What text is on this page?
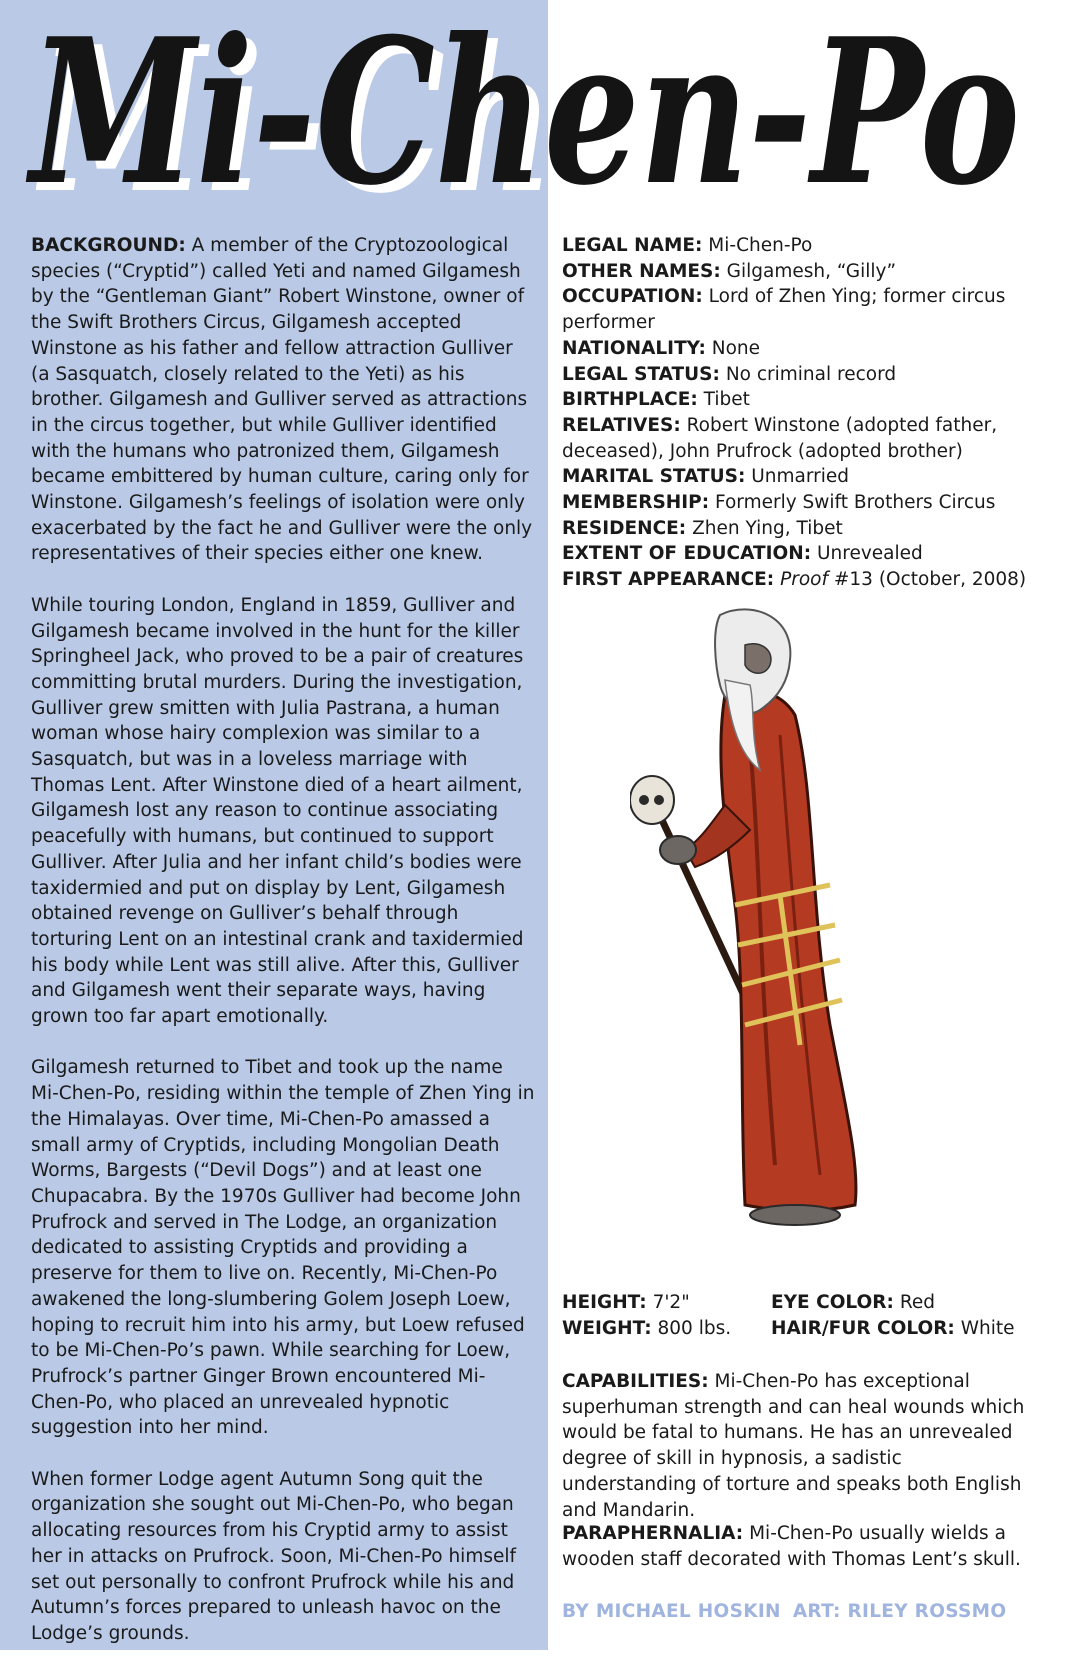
Mi-Chen-Po
Mi-Chen-Po

BACKGROUND: A member of the Cryptozoological species (“Cryptid”) called Yeti and named Gilgamesh by the “Gentleman Giant” Robert Winstone, owner of the Swift Brothers Circus, Gilgamesh accepted Winstone as his father and fellow attraction Gulliver (a Sasquatch, closely related to the Yeti) as his brother. Gilgamesh and Gulliver served as attractions in the circus together, but while Gulliver identified with the humans who patronized them, Gilgamesh became embittered by human culture, caring only for Winstone. Gilgamesh’s feelings of isolation were only exacerbated by the fact he and Gulliver were the only representatives of their species either one knew.

While touring London, England in 1859, Gulliver and Gilgamesh became involved in the hunt for the killer Springheel Jack, who proved to be a pair of creatures committing brutal murders. During the investigation, Gulliver grew smitten with Julia Pastrana, a human woman whose hairy complexion was similar to a Sasquatch, but was in a loveless marriage with Thomas Lent. After Winstone died of a heart ailment, Gilgamesh lost any reason to continue associating peacefully with humans, but continued to support Gulliver. After Julia and her infant child’s bodies were taxidermied and put on display by Lent, Gilgamesh obtained revenge on Gulliver’s behalf through torturing Lent on an intestinal crank and taxidermied his body while Lent was still alive. After this, Gulliver and Gilgamesh went their separate ways, having grown too far apart emotionally.

Gilgamesh returned to Tibet and took up the name Mi-Chen-Po, residing within the temple of Zhen Ying in the Himalayas. Over time, Mi-Chen-Po amassed a small army of Cryptids, including Mongolian Death Worms, Bargests (“Devil Dogs”) and at least one Chupacabra. By the 1970s Gulliver had become John Prufrock and served in The Lodge, an organization dedicated to assisting Cryptids and providing a preserve for them to live on. Recently, Mi-Chen-Po awakened the long-slumbering Golem Joseph Loew, hoping to recruit him into his army, but Loew refused to be Mi-Chen-Po’s pawn. While searching for Loew, Prufrock’s partner Ginger Brown encountered Mi-Chen-Po, who placed an unrevealed hypnotic suggestion into her mind.

When former Lodge agent Autumn Song quit the organization she sought out Mi-Chen-Po, who began allocating resources from his Cryptid army to assist her in attacks on Prufrock. Soon, Mi-Chen-Po himself set out personally to confront Prufrock while his and Autumn’s forces prepared to unleash havoc on the Lodge’s grounds.

LEGAL NAME: Mi-Chen-Po
OTHER NAMES: Gilgamesh, “Gilly”
OCCUPATION: Lord of Zhen Ying; former circus performer
NATIONALITY: None
LEGAL STATUS: No criminal record
BIRTHPLACE: Tibet
RELATIVES: Robert Winstone (adopted father, deceased), John Prufrock (adopted brother)
MARITAL STATUS: Unmarried
MEMBERSHIP: Formerly Swift Brothers Circus
RESIDENCE: Zhen Ying, Tibet
EXTENT OF EDUCATION: Unrevealed
FIRST APPEARANCE: Proof #13 (October, 2008)
HEIGHT: 7'2"
WEIGHT: 800 lbs.
EYE COLOR: Red
HAIR/FUR COLOR: White
CAPABILITIES: Mi-Chen-Po has exceptional superhuman strength and can heal wounds which would be fatal to humans. He has an unrevealed degree of skill in hypnosis, a sadistic understanding of torture and speaks both English and Mandarin.
PARAPHERNALIA: Mi-Chen-Po usually wields a wooden staff decorated with Thomas Lent’s skull.
BY MICHAEL HOSKIN ART: RILEY ROSSMO
